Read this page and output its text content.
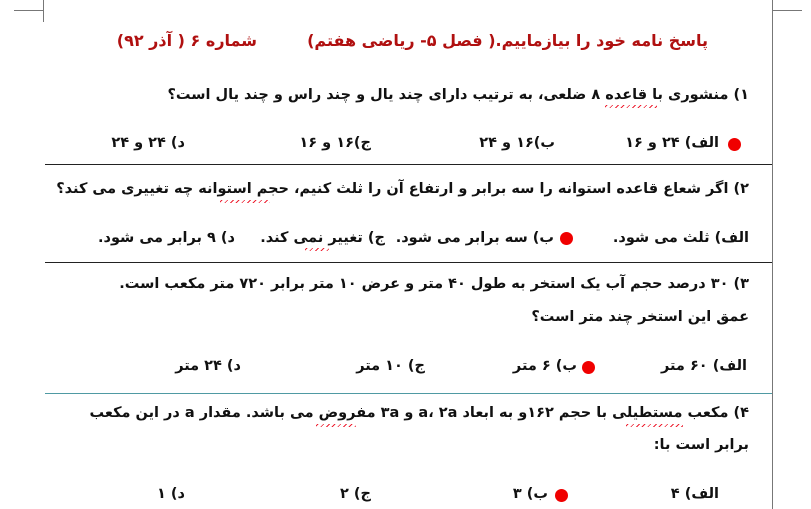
پاسخ نامه خود را بیازماییم.( فصل ۵- ریاضی هفتم)
شماره ۶ ( آذر ۹۲)
۱) منشوری با قاعده ۸ ضلعی، به ترتیب دارای چند یال و چند راس و چند یال است؟
الف) ۲۴ و ۱۶
ب)۱۶ و ۲۴
ج)۱۶ و ۱۶
د) ۲۴ و ۲۴
۲) اگر شعاع قاعده استوانه را سه برابر و ارتفاع آن را ثلث کنیم، حجم استوانه چه تغییری می کند؟
الف) ثلث می شود.
ب) سه برابر می شود.
ج) تغییر نمی کند.
د) ۹ برابر می شود.
۳) ۳۰ درصد حجم آب یک استخر به طول ۴۰ متر و عرض ۱۰ متر برابر ۷۲۰ متر مکعب است.
عمق این استخر چند متر است؟
الف) ۶۰ متر
ب) ۶ متر
ج) ۱۰ متر
د) ۲۴ متر
۴) مکعب مستطیلی با حجم ۱۶۲و به ابعاد a، ۲a و ۳a مفروض می باشد. مقدار a در این مکعب
برابر است با:
الف) ۴
ب) ۳
ج) ۲
د) ۱
